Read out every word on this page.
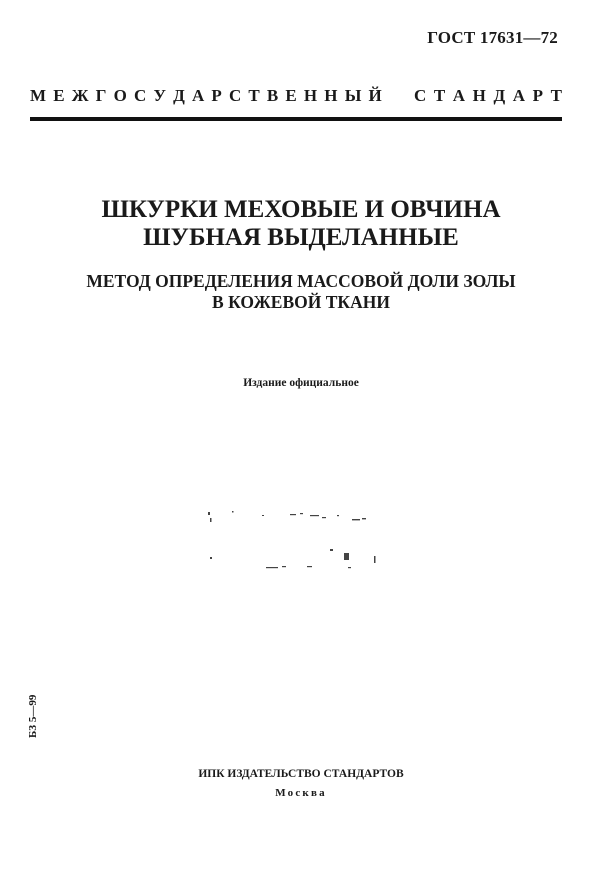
ГОСТ 17631—72
М Е Ж Г О С У Д А Р С Т В Е Н Н Ы Й С Т А Н Д А Р Т
ШКУРКИ МЕХОВЫЕ И ОВЧИНА
ШУБНАЯ ВЫДЕЛАННЫЕ
МЕТОД ОПРЕДЕЛЕНИЯ МАССОВОЙ ДОЛИ ЗОЛЫ
В КОЖЕВОЙ ТКАНИ
Издание официальное
БЗ 5—99
ИПК ИЗДАТЕЛЬСТВО СТАНДАРТОВ
Москва
